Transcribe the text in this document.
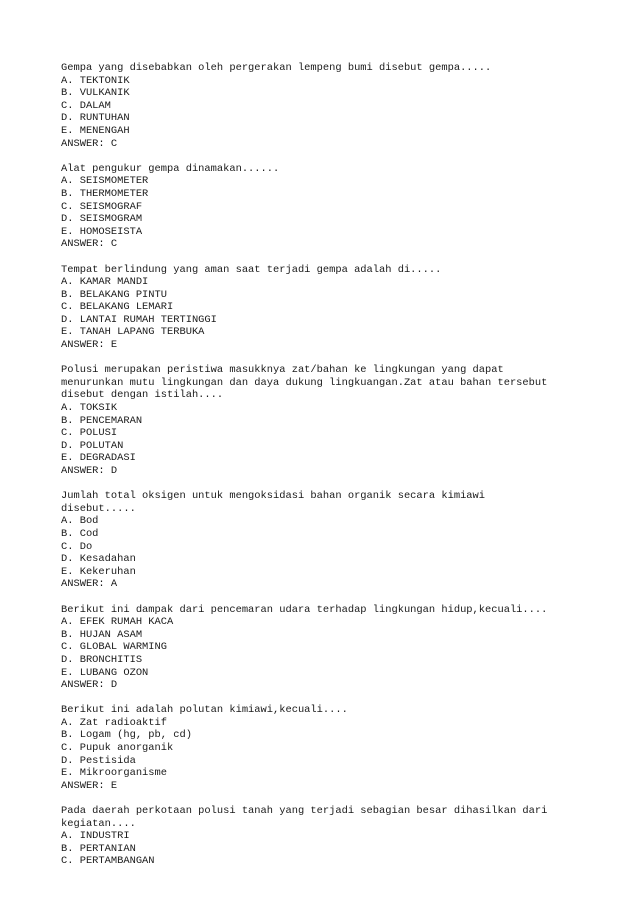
Gempa yang disebabkan oleh pergerakan lempeng bumi disebut gempa.....
A. TEKTONIK
B. VULKANIK
C. DALAM
D. RUNTUHAN
E. MENENGAH
ANSWER: C
Alat pengukur gempa dinamakan......
A. SEISMOMETER
B. THERMOMETER
C. SEISMOGRAF
D. SEISMOGRAM
E. HOMOSEISTA
ANSWER: C
Tempat berlindung yang aman saat terjadi gempa adalah di.....
A. KAMAR MANDI
B. BELAKANG PINTU
C. BELAKANG LEMARI
D. LANTAI RUMAH TERTINGGI
E. TANAH LAPANG TERBUKA
ANSWER: E
Polusi merupakan peristiwa masukknya zat/bahan ke lingkungan yang dapat
menurunkan mutu lingkungan dan daya dukung lingkuangan.Zat atau bahan tersebut
disebut dengan istilah....
A. TOKSIK
B. PENCEMARAN
C. POLUSI
D. POLUTAN
E. DEGRADASI
ANSWER: D
Jumlah total oksigen untuk mengoksidasi bahan organik secara kimiawi
disebut.....
A. Bod
B. Cod
C. Do
D. Kesadahan
E. Kekeruhan
ANSWER: A
Berikut ini dampak dari pencemaran udara terhadap lingkungan hidup,kecuali....
A. EFEK RUMAH KACA
B. HUJAN ASAM
C. GLOBAL WARMING
D. BRONCHITIS
E. LUBANG OZON
ANSWER: D
Berikut ini adalah polutan kimiawi,kecuali....
A. Zat radioaktif
B. Logam (hg, pb, cd)
C. Pupuk anorganik
D. Pestisida
E. Mikroorganisme
ANSWER: E
Pada daerah perkotaan polusi tanah yang terjadi sebagian besar dihasilkan dari
kegiatan....
A. INDUSTRI
B. PERTANIAN
C. PERTAMBANGAN
